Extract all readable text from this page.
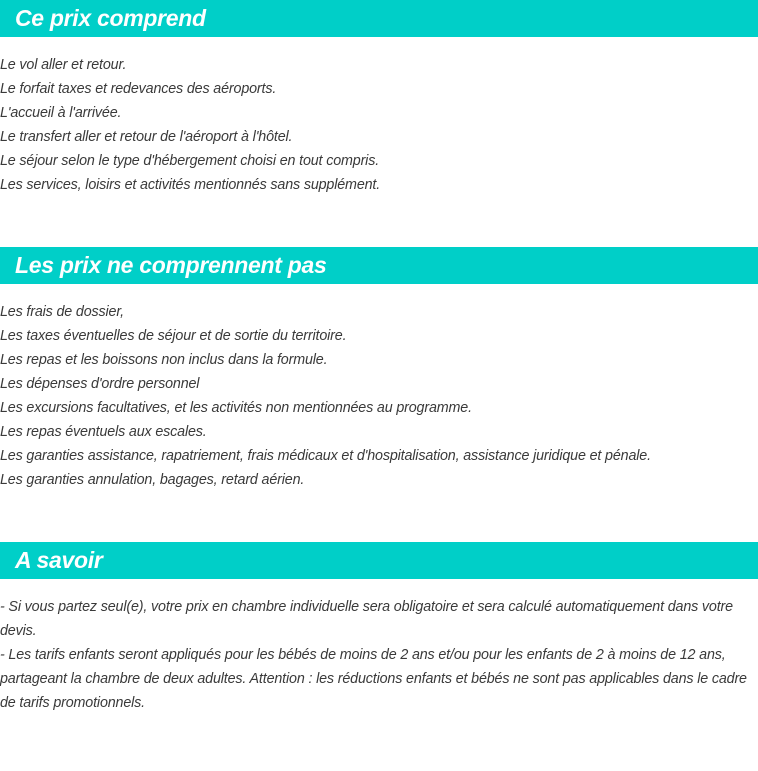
Ce prix comprend
Le vol aller et retour.
Le forfait taxes et redevances des aéroports.
L'accueil à l'arrivée.
Le transfert aller et retour de l'aéroport à l'hôtel.
Le séjour selon le type d'hébergement choisi en tout compris.
Les services, loisirs et activités mentionnés sans supplément.
Les prix ne comprennent pas
Les frais de dossier,
Les taxes éventuelles de séjour et de sortie du territoire.
Les repas et les boissons non inclus dans la formule.
Les dépenses d'ordre personnel
Les excursions facultatives, et les activités non mentionnées au programme.
Les repas éventuels aux escales.
Les garanties assistance, rapatriement, frais médicaux et d'hospitalisation, assistance juridique et pénale.
Les garanties annulation, bagages, retard aérien.
A savoir

- Si vous partez seul(e), votre prix en chambre individuelle sera obligatoire et sera calculé automatiquement dans votre devis.

- Les tarifs enfants seront appliqués pour les bébés de moins de 2 ans et/ou pour les enfants de 2 à moins de 12 ans, partageant la chambre de deux adultes. Attention : les réductions enfants et bébés ne sont pas applicables dans le cadre de tarifs promotionnels.
